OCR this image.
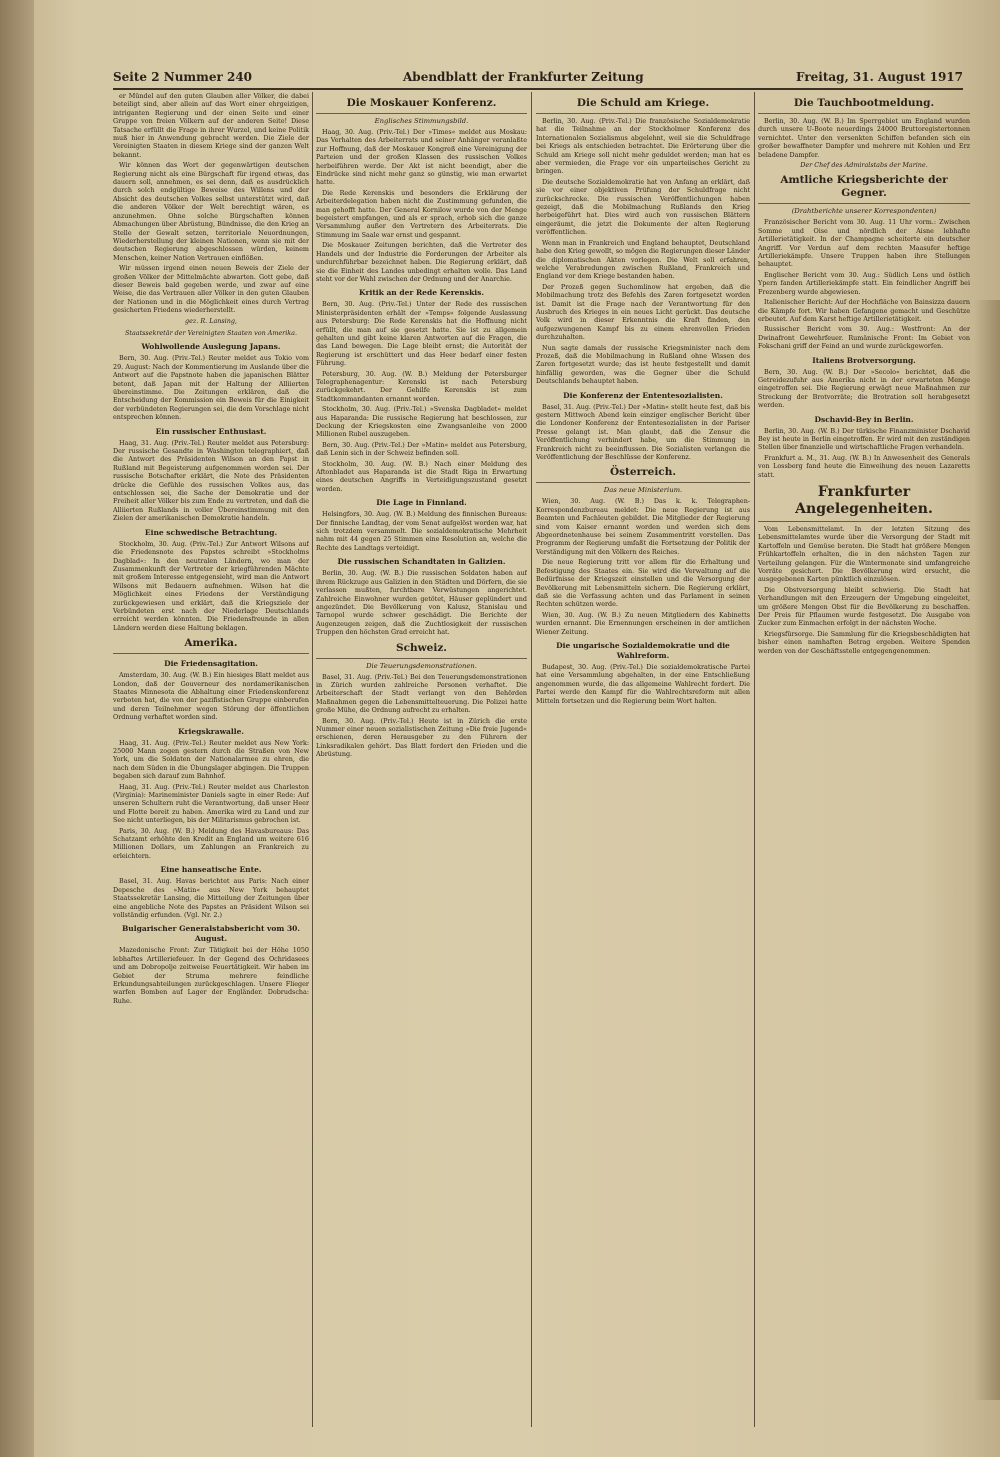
Seite 2 Nummer 240	Abendblatt der Frankfurter Zeitung	Freitag, 31. August 1917

er Mündel auf den guten Glauben aller Völker, die dabei beteiligt sind, aber allein auf das Wort einer ehrgeizigen, intriganten Regierung und der einen Seite und einer Gruppe von freien Völkern auf der anderen Seite! Diese Tatsache erfüllt die Frage in ihrer Wurzel, und keine Politik muß hier in Anwendung gebracht werden. Die Ziele der Vereinigten Staaten in diesem Kriege sind der ganzen Welt bekannt.

Wir können das Wort der gegenwärtigen deutschen Regierung nicht als eine Bürgschaft für irgend etwas, das dauern soll, annehmen, es sei denn, daß es ausdrücklich durch solch endgültige Beweise des Willens und der Absicht des deutschen Volkes selbst unterstützt wird, daß die anderen Völker der Welt berechtigt wären, es anzunehmen. Ohne solche Bürgschaften können Abmachungen über Abrüstung, Bündnisse, die den Krieg an Stelle der Gewalt setzen, territoriale Neuordnungen, Wiederherstellung der kleinen Nationen, wenn sie mit der deutschen Regierung abgeschlossen würden, keinem Menschen, keiner Nation Vertrauen einflößen.

Wir müssen irgend einen neuen Beweis der Ziele der großen Völker der Mittelmächte abwarten. Gott gebe, daß dieser Beweis bald gegeben werde, und zwar auf eine Weise, die das Vertrauen aller Völker in den guten Glauben der Nationen und in die Möglichkeit eines durch Vertrag gesicherten Friedens wiederherstellt.

gez. R. Lansing,
Staatssekretär der Vereinigten Staaten von Amerika.
Wohlwollende Auslegung Japans.

Bern, 30. Aug. (Priv.-Tel.) Reuter meldet aus Tokio vom 29. August: Nach der Kommentierung im Auslande über die Antwort auf die Papstnote haben die japanischen Blätter betont, daß Japan mit der Haltung der Alliierten übereinstimme. Die Zeitungen erklären, daß die Entscheidung der Kommission ein Beweis für die Einigkeit der verbündeten Regierungen sei, die dem Vorschlage nicht entsprechen können.

Ein russischer Enthusiast.

Haag, 31. Aug. (Priv.-Tel.) Reuter meldet aus Petersburg: Der russische Gesandte in Washington telegraphiert, daß die Antwort des Präsidenten Wilson an den Papst in Rußland mit Begeisterung aufgenommen worden sei. Der russische Botschafter erklärt, die Note des Präsidenten drücke die Gefühle des russischen Volkes aus, das entschlossen sei, die Sache der Demokratie und der Freiheit aller Völker bis zum Ende zu vertreten, und daß die Alliierten Rußlands in voller Übereinstimmung mit den Zielen der amerikanischen Demokratie handeln.

Eine schwedische Betrachtung.

Stockholm, 30. Aug. (Priv.-Tel.) Zur Antwort Wilsons auf die Friedensnote des Papstes schreibt »Stockholms Dagblad«: In den neutralen Ländern, wo man der Zusammenkunft der Vertreter der kriegführenden Mächte mit großem Interesse entgegensieht, wird man die Antwort Wilsons mit Bedauern aufnehmen. Wilson hat die Möglichkeit eines Friedens der Verständigung zurückgewiesen und erklärt, daß die Kriegsziele der Verbündeten erst nach der Niederlage Deutschlands erreicht werden könnten. Die Friedensfreunde in allen Ländern werden diese Haltung beklagen.

Amerika.
Die Friedensagitation.

Amsterdam, 30. Aug. (W. B.) Ein hiesiges Blatt meldet aus London, daß der Gouverneur des nordamerikanischen Staates Minnesota die Abhaltung einer Friedenskonferenz verboten hat, die von der pazifistischen Gruppe einberufen und deren Teilnehmer wegen Störung der öffentlichen Ordnung verhaftet worden sind.

Kriegskrawalle.

Haag, 31. Aug. (Priv.-Tel.) Reuter meldet aus New York: 25000 Mann zogen gestern durch die Straßen von New York, um die Soldaten der Nationalarmee zu ehren, die nach dem Süden in die Übungslager abgingen. Die Truppen begaben sich darauf zum Bahnhof.

Haag, 31. Aug. (Priv.-Tel.) Reuter meldet aus Charleston (Virginia): Marineminister Daniels sagte in einer Rede: Auf unseren Schultern ruht die Verantwortung, daß unser Heer und Flotte bereit zu haben. Amerika wird zu Land und zur See nicht unterliegen, bis der Militarismus gebrochen ist.

Paris, 30. Aug. (W. B.) Meldung des Havasbureaus: Das Schatzamt erhöhte den Kredit an England um weitere 616 Millionen Dollars, um Zahlungen an Frankreich zu erleichtern.

Eine hanseatische Ente.

Basel, 31. Aug. Havas berichtet aus Paris: Nach einer Depesche des »Matin« aus New York behauptet Staatssekretär Lansing, die Mitteilung der Zeitungen über eine angebliche Note des Papstes an Präsident Wilson sei vollständig erfunden. (Vgl. Nr. 2.)

Bulgarischer Generalstabsbericht vom 30. August.

Mazedonische Front: Zur Tätigkeit bei der Höhe 1050 lebhaftes Artilleriefeuer. In der Gegend des Ochridasees und am Dobropolje zeitweise Feuertätigkeit. Wir haben im Gebiet der Struma mehrere feindliche Erkundungsabteilungen zurückgeschlagen. Unsere Flieger warfen Bomben auf Lager der Engländer. Dobrudscha: Ruhe.

Die Moskauer Konferenz.
Englisches Stimmungsbild.

Haag, 30. Aug. (Priv.-Tel.) Der »Times« meldet aus Moskau: Das Verhalten des Arbeiterrats und seiner Anhänger veranlaßte zur Hoffnung, daß der Moskauer Kongreß eine Vereinigung der Parteien und der großen Klassen des russischen Volkes herbeiführen werde. Der Akt ist nicht beendigt, aber die Eindrücke sind nicht mehr ganz so günstig, wie man erwartet hatte.

Die Rede Kerenskis und besonders die Erklärung der Arbeiterdelegation haben nicht die Zustimmung gefunden, die man gehofft hatte. Der General Kornilow wurde von der Menge begeistert empfangen, und als er sprach, erhob sich die ganze Versammlung außer den Vertretern des Arbeiterrats. Die Stimmung im Saale war ernst und gespannt.

Die Moskauer Zeitungen berichten, daß die Vertreter des Handels und der Industrie die Forderungen der Arbeiter als undurchführbar bezeichnet haben. Die Regierung erklärt, daß sie die Einheit des Landes unbedingt erhalten wolle. Das Land steht vor der Wahl zwischen der Ordnung und der Anarchie.

Kritik an der Rede Kerenskis.

Bern, 30. Aug. (Priv.-Tel.) Unter der Rede des russischen Ministerpräsidenten erhält der »Temps« folgende Auslassung aus Petersburg: Die Rede Kerenskis hat die Hoffnung nicht erfüllt, die man auf sie gesetzt hatte. Sie ist zu allgemein gehalten und gibt keine klaren Antworten auf die Fragen, die das Land bewegen. Die Lage bleibt ernst; die Autorität der Regierung ist erschüttert und das Heer bedarf einer festen Führung.

Petersburg, 30. Aug. (W. B.) Meldung der Petersburger Telegraphenagentur: Kerenski ist nach Petersburg zurückgekehrt. Der Gehilfe Kerenskis ist zum Stadtkommandanten ernannt worden.

Stockholm, 30. Aug. (Priv.-Tel.) »Svenska Dagbladet« meldet aus Haparanda: Die russische Regierung hat beschlossen, zur Deckung der Kriegskosten eine Zwangsanleihe von 2000 Millionen Rubel auszugeben.

Bern, 30. Aug. (Priv.-Tel.) Der »Matin« meldet aus Petersburg, daß Lenin sich in der Schweiz befinden soll.

Stockholm, 30. Aug. (W. B.) Nach einer Meldung des Aftonbladet aus Haparanda ist die Stadt Riga in Erwartung eines deutschen Angriffs in Verteidigungszustand gesetzt worden.

Die Lage in Finnland.

Helsingfors, 30. Aug. (W. B.) Meldung des finnischen Bureaus: Der finnische Landtag, der vom Senat aufgelöst worden war, hat sich trotzdem versammelt. Die sozialdemokratische Mehrheit nahm mit 44 gegen 25 Stimmen eine Resolution an, welche die Rechte des Landtags verteidigt.

Die russischen Schandtaten in Galizien.

Berlin, 30. Aug. (W. B.) Die russischen Soldaten haben auf ihrem Rückzuge aus Galizien in den Städten und Dörfern, die sie verlassen mußten, furchtbare Verwüstungen angerichtet. Zahlreiche Einwohner wurden getötet, Häuser geplündert und angezündet. Die Bevölkerung von Kalusz, Stanislau und Tarnopol wurde schwer geschädigt. Die Berichte der Augenzeugen zeigen, daß die Zuchtlosigkeit der russischen Truppen den höchsten Grad erreicht hat.

Schweiz.
Die Teuerungsdemonstrationen.

Basel, 31. Aug. (Priv.-Tel.) Bei den Teuerungsdemonstrationen in Zürich wurden zahlreiche Personen verhaftet. Die Arbeiterschaft der Stadt verlangt von den Behörden Maßnahmen gegen die Lebensmittelteuerung. Die Polizei hatte große Mühe, die Ordnung aufrecht zu erhalten.

Bern, 30. Aug. (Priv.-Tel.) Heute ist in Zürich die erste Nummer einer neuen sozialistischen Zeitung »Die freie Jugend« erschienen, deren Herausgeber zu den Führern der Linksradikalen gehört. Das Blatt fordert den Frieden und die Abrüstung.

Die Schuld am Kriege.

Berlin, 30. Aug. (Priv.-Tel.) Die französische Sozialdemokratie hat die Teilnahme an der Stockholmer Konferenz des Internationalen Sozialismus abgelehnt, weil sie die Schuldfrage bei Kriegs als entschieden betrachtet. Die Erörterung über die Schuld am Kriege soll nicht mehr geduldet werden; man hat es aber vermieden, die Frage vor ein unparteiisches Gericht zu bringen.

Die deutsche Sozialdemokratie hat von Anfang an erklärt, daß sie vor einer objektiven Prüfung der Schuldfrage nicht zurückschrecke. Die russischen Veröffentlichungen haben gezeigt, daß die Mobilmachung Rußlands den Krieg herbeigeführt hat. Dies wird auch von russischen Blättern eingeräumt, die jetzt die Dokumente der alten Regierung veröffentlichen.

Wenn man in Frankreich und England behauptet, Deutschland habe den Krieg gewollt, so mögen die Regierungen dieser Länder die diplomatischen Akten vorlegen. Die Welt soll erfahren, welche Verabredungen zwischen Rußland, Frankreich und England vor dem Kriege bestanden haben.

Der Prozeß gegen Suchomlinow hat ergeben, daß die Mobilmachung trotz des Befehls des Zaren fortgesetzt worden ist. Damit ist die Frage nach der Verantwortung für den Ausbruch des Krieges in ein neues Licht gerückt. Das deutsche Volk wird in dieser Erkenntnis die Kraft finden, den aufgezwungenen Kampf bis zu einem ehrenvollen Frieden durchzuhalten.

Nun sagte damals der russische Kriegsminister nach dem Prozeß, daß die Mobilmachung in Rußland ohne Wissen des Zaren fortgesetzt wurde; das ist heute festgestellt und damit hinfällig geworden, was die Gegner über die Schuld Deutschlands behauptet haben.

Die Konferenz der Ententesozialisten.

Basel, 31. Aug. (Priv.-Tel.) Der »Matin« stellt heute fest, daß bis gestern Mittwoch Abend kein einziger englischer Bericht über die Londoner Konferenz der Ententesozialisten in der Pariser Presse gelangt ist. Man glaubt, daß die Zensur die Veröffentlichung verhindert habe, um die Stimmung in Frankreich nicht zu beeinflussen. Die Sozialisten verlangen die Veröffentlichung der Beschlüsse der Konferenz.

Österreich.
Das neue Ministerium.

Wien, 30. Aug. (W. B.) Das k. k. Telegraphen-Korrespondenzbureau meldet: Die neue Regierung ist aus Beamten und Fachleuten gebildet. Die Mitglieder der Regierung sind vom Kaiser ernannt worden und werden sich dem Abgeordnetenhause bei seinem Zusammentritt vorstellen. Das Programm der Regierung umfaßt die Fortsetzung der Politik der Verständigung mit den Völkern des Reiches.

Die neue Regierung tritt vor allem für die Erhaltung und Befestigung des Staates ein. Sie wird die Verwaltung auf die Bedürfnisse der Kriegszeit einstellen und die Versorgung der Bevölkerung mit Lebensmitteln sichern. Die Regierung erklärt, daß sie die Verfassung achten und das Parlament in seinen Rechten schützen werde.

Wien, 30. Aug. (W. B.) Zu neuen Mitgliedern des Kabinetts wurden ernannt. Die Ernennungen erscheinen in der amtlichen Wiener Zeitung.

Die ungarische Sozialdemokratie und die Wahlreform.

Budapest, 30. Aug. (Priv.-Tel.) Die sozialdemokratische Partei hat eine Versammlung abgehalten, in der eine Entschließung angenommen wurde, die das allgemeine Wahlrecht fordert. Die Partei werde den Kampf für die Wahlrechtsreform mit allen Mitteln fortsetzen und die Regierung beim Wort halten.

Die Tauchbootmeldung.

Berlin, 30. Aug. (W. B.) Im Sperrgebiet um England wurden durch unsere U-Boote neuerdings 24000 Bruttoregistertonnen vernichtet. Unter den versenkten Schiffen befanden sich ein großer bewaffneter Dampfer und mehrere mit Kohlen und Erz beladene Dampfer.

Der Chef des Admiralstabs der Marine.
Amtliche Kriegsberichte der Gegner.
(Drahtberichte unserer Korrespondenten)

Französischer Bericht vom 30. Aug. 11 Uhr vorm.: Zwischen Somme und Oise und nördlich der Aisne lebhafte Artillerietätigkeit. In der Champagne scheiterte ein deutscher Angriff. Vor Verdun auf dem rechten Maasufer heftige Artilleriekämpfe. Unsere Truppen haben ihre Stellungen behauptet.

Englischer Bericht vom 30. Aug.: Südlich Lens und östlich Ypern fanden Artilleriekämpfe statt. Ein feindlicher Angriff bei Frezenberg wurde abgewiesen.

Italienischer Bericht: Auf der Hochfläche von Bainsizza dauern die Kämpfe fort. Wir haben Gefangene gemacht und Geschütze erbeutet. Auf dem Karst heftige Artillerietätigkeit.

Russischer Bericht vom 30. Aug.: Westfront: An der Dwinafront Gewehrfeuer. Rumänische Front: Im Gebiet von Fokschani griff der Feind an und wurde zurückgeworfen.

Italiens Brotversorgung.

Bern, 30. Aug. (W. B.) Der »Secolo« berichtet, daß die Getreidezufuhr aus Amerika nicht in der erwarteten Menge eingetroffen sei. Die Regierung erwägt neue Maßnahmen zur Streckung der Brotvorräte; die Brotration soll herabgesetzt werden.

Dschavid-Bey in Berlin.

Berlin, 30. Aug. (W. B.) Der türkische Finanzminister Dschavid Bey ist heute in Berlin eingetroffen. Er wird mit den zuständigen Stellen über finanzielle und wirtschaftliche Fragen verhandeln.

Frankfurt a. M., 31. Aug. (W. B.) In Anwesenheit des Generals von Lossberg fand heute die Einweihung des neuen Lazaretts statt.

Frankfurter Angelegenheiten.

Vom Lebensmittelamt. In der letzten Sitzung des Lebensmittelamtes wurde über die Versorgung der Stadt mit Kartoffeln und Gemüse beraten. Die Stadt hat größere Mengen Frühkartoffeln erhalten, die in den nächsten Tagen zur Verteilung gelangen. Für die Wintermonate sind umfangreiche Vorräte gesichert. Die Bevölkerung wird ersucht, die ausgegebenen Karten pünktlich einzulösen.

Die Obstversorgung bleibt schwierig. Die Stadt hat Verhandlungen mit den Erzeugern der Umgebung eingeleitet, um größere Mengen Obst für die Bevölkerung zu beschaffen. Der Preis für Pflaumen wurde festgesetzt. Die Ausgabe von Zucker zum Einmachen erfolgt in der nächsten Woche.

Kriegsfürsorge. Die Sammlung für die Kriegsbeschädigten hat bisher einen namhaften Betrag ergeben. Weitere Spenden werden von der Geschäftsstelle entgegengenommen.
